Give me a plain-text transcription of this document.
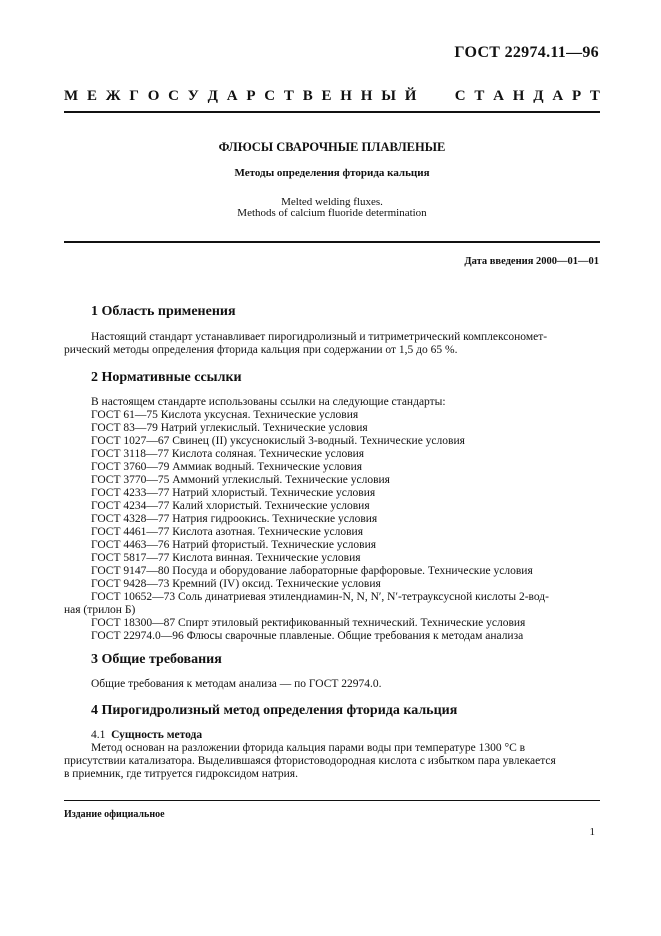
ГОСТ 22974.11—96
М Е Ж Г О С У Д А Р С Т В Е Н Н Ы Й	С Т А Н Д А Р Т
ФЛЮСЫ СВАРОЧНЫЕ ПЛАВЛЕНЫЕ
Методы определения фторида кальция
Melted welding fluxes.
Methods of calcium fluoride determination
Дата введения 2000—01—01
1 Область применения
Настоящий стандарт устанавливает пирогидролизный и титриметрический комплексономет-
рический методы определения фторида кальция при содержании от 1,5 до 65 %.
2 Нормативные ссылки
В настоящем стандарте использованы ссылки на следующие стандарты:
ГОСТ 61—75 Кислота уксусная. Технические условия
ГОСТ 83—79 Натрий углекислый. Технические условия
ГОСТ 1027—67 Свинец (II) уксуснокислый 3-водный. Технические условия
ГОСТ 3118—77 Кислота соляная. Технические условия
ГОСТ 3760—79 Аммиак водный. Технические условия
ГОСТ 3770—75 Аммоний углекислый. Технические условия
ГОСТ 4233—77 Натрий хлористый. Технические условия
ГОСТ 4234—77 Калий хлористый. Технические условия
ГОСТ 4328—77 Натрия гидроокись. Технические условия
ГОСТ 4461—77 Кислота азотная. Технические условия
ГОСТ 4463—76 Натрий фтористый. Технические условия
ГОСТ 5817—77 Кислота винная. Технические условия
ГОСТ 9147—80 Посуда и оборудование лабораторные фарфоровые. Технические условия
ГОСТ 9428—73 Кремний (IV) оксид. Технические условия
ГОСТ 10652—73 Соль динатриевая этилендиамин-N, N, N′, N′-тетрауксусной кислоты 2-вод-
ная (трилон Б)
ГОСТ 18300—87 Спирт этиловый ректификованный технический. Технические условия
ГОСТ 22974.0—96 Флюсы сварочные плавленые. Общие требования к методам анализа
3 Общие требования
Общие требования к методам анализа — по ГОСТ 22974.0.
4 Пирогидролизный метод определения фторида кальция
4.1 Сущность метода
Метод основан на разложении фторида кальция парами воды при температуре 1300 °С в
присутствии катализатора. Выделившаяся фтористоводородная кислота с избытком пара увлекается
в приемник, где титруется гидроксидом натрия.
Издание официальное
1
